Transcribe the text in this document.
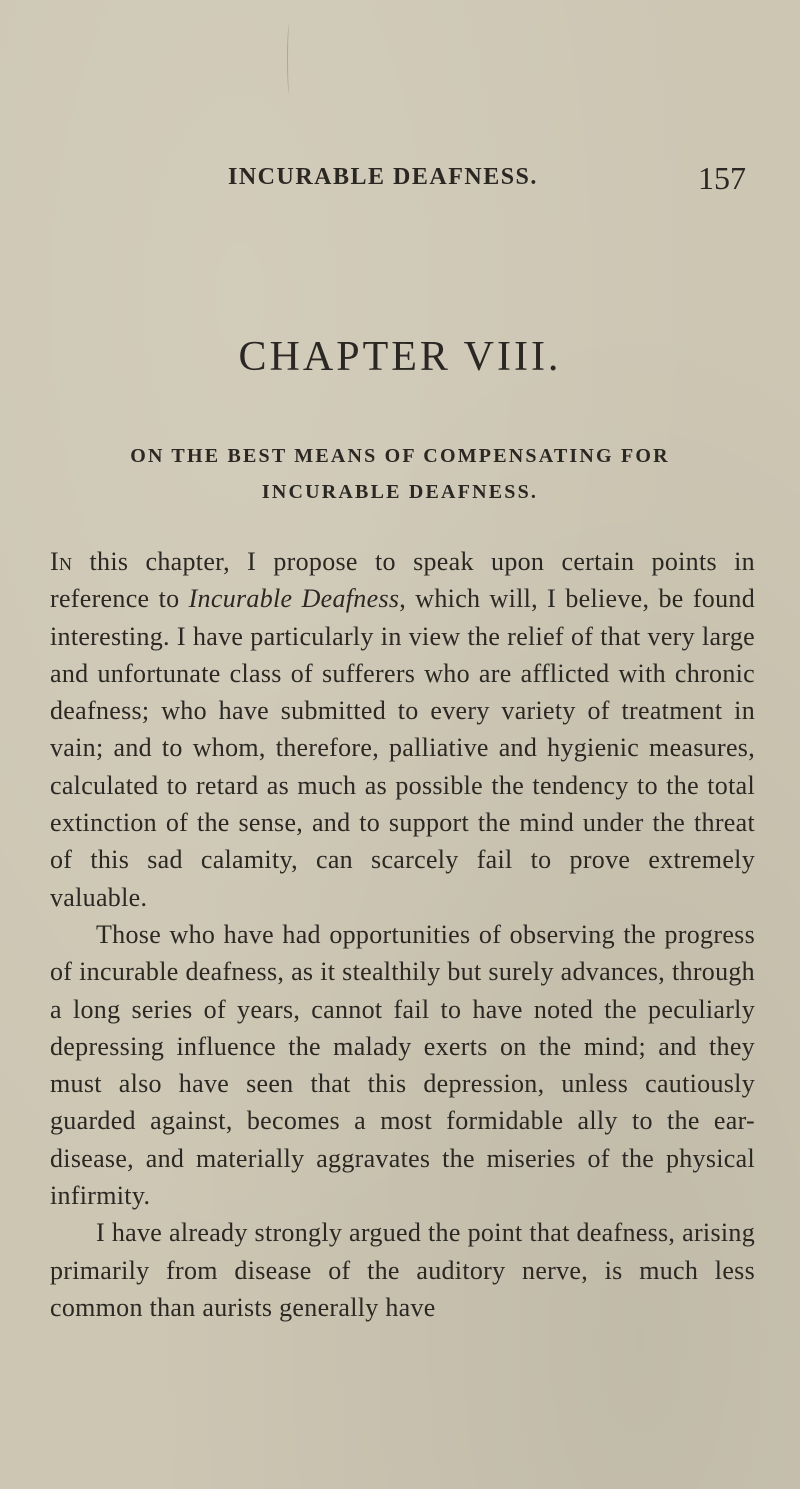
INCURABLE DEAFNESS.	157
CHAPTER VIII.
ON THE BEST MEANS OF COMPENSATING FOR
INCURABLE DEAFNESS.

In this chapter, I propose to speak upon certain points in reference to Incurable Deafness, which will, I believe, be found interesting. I have particularly in view the relief of that very large and unfortunate class of sufferers who are afflicted with chronic deafness; who have submitted to every variety of treatment in vain; and to whom, therefore, palliative and hygienic measures, calculated to retard as much as possible the tendency to the total extinction of the sense, and to support the mind under the threat of this sad calamity, can scarcely fail to prove extremely valuable.

Those who have had opportunities of observing the progress of incurable deafness, as it stealthily but surely advances, through a long series of years, cannot fail to have noted the peculiarly depressing influence the malady exerts on the mind; and they must also have seen that this depression, unless cautiously guarded against, becomes a most formidable ally to the ear-disease, and materially aggravates the miseries of the physical infirmity.

I have already strongly argued the point that deafness, arising primarily from disease of the auditory nerve, is much less common than aurists generally have
